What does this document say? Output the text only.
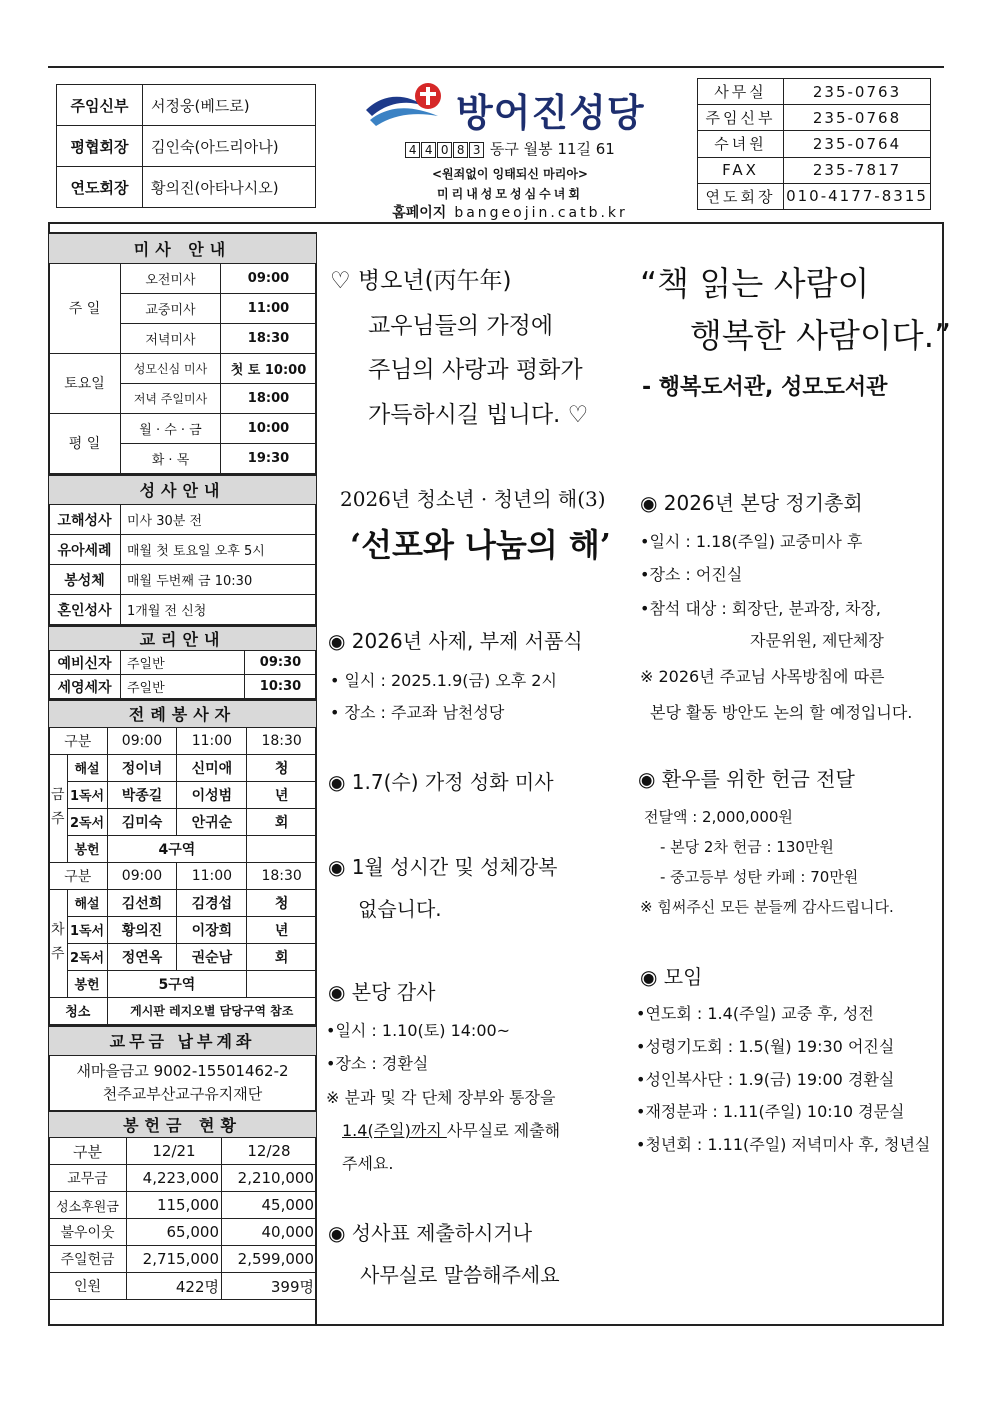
주임신부	서정웅(베드로)
평협회장	김인숙(아드리아나)
연도회장	황의진(아타나시오)
방어진성당
4 4 0 8 3 동구 월봉 11길 61
<원죄없이 잉태되신 마리아>
미리내성모성심수녀회
홈페이지 bangeojin.catb.kr
사무실	235-0763
주임신부	235-0768
수녀원	235-0764
FAX	235-7817
연도회장	010-4177-8315
미사 안내		
주 일	오전미사	09:00
	교중미사	11:00
	저녁미사	18:30
토요일	성모신심 미사	첫 토 10:00
	저녁 주일미사	18:00
평 일	월 · 수 · 금	10:00
	화 · 목	19:30
성사안내	
고해성사	미사 30분 전
유아세례	매월 첫 토요일 오후 5시
봉성체	매월 두번째 금 10:30
혼인성사	1개월 전 신청
교리안내		
예비신자	주일반	09:30
세영세자	주일반	10:30
전례봉사자				
구분		09:00	11:00	18:30
금
주	해설	정이녀	신미애	청
	1독서	박종길	이성범	년
	2독서	김미숙	안귀순	회
	봉헌	4구역		
구분		09:00	11:00	18:30
차
주	해설	김선희	김경섭	청
	1독서	황의진	이장희	년
	2독서	정연옥	권순남	회
	봉헌	5구역		
청소		게시판 레지오별 담당구역 참조		
교무금 납부계좌
새마을금고 9002-15501462-2
천주교부산교구유지재단
봉헌금 현황		
구분	12/21	12/28
교무금	4,223,000	2,210,000
성소후원금	115,000	45,000
불우이웃	65,000	40,000
주일헌금	2,715,000	2,599,000
인원	422명	399명
♡ 병오년(丙午年)
교우님들의 가정에
주님의 사랑과 평화가
가득하시길 빕니다. ♡
2026년 청소년 · 청년의 해(3)
‘선포와 나눔의 해’
◉ 2026년 사제, 부제 서품식
• 일시 : 2025.1.9(금) 오후 2시
• 장소 : 주교좌 남천성당
◉ 1.7(수) 가정 성화 미사
◉ 1월 성시간 및 성체강복
없습니다.
◉ 본당 감사
•일시 : 1.10(토) 14:00~
•장소 : 경환실
※ 분과 및 각 단체 장부와 통장을
1.4(주일)까지 사무실로 제출해
주세요.
◉ 성사표 제출하시거나
사무실로 말씀해주세요
“책 읽는 사람이
행복한 사람이다.”
- 행복도서관, 성모도서관
◉ 2026년 본당 정기총회
•일시 : 1.18(주일) 교중미사 후
•장소 : 어진실
•참석 대상 : 회장단, 분과장, 차장,
자문위원, 제단체장
※ 2026년 주교님 사목방침에 따른
본당 활동 방안도 논의 할 예정입니다.
◉ 환우를 위한 헌금 전달
전달액 : 2,000,000원
- 본당 2차 헌금 : 130만원
- 중고등부 성탄 카페 : 70만원
※ 힘써주신 모든 분들께 감사드립니다.
◉ 모임
•연도회 : 1.4(주일) 교중 후, 성전
•성령기도회 : 1.5(월) 19:30 어진실
•성인복사단 : 1.9(금) 19:00 경환실
•재정분과 : 1.11(주일) 10:10 경문실
•청년회 : 1.11(주일) 저녁미사 후, 청년실
